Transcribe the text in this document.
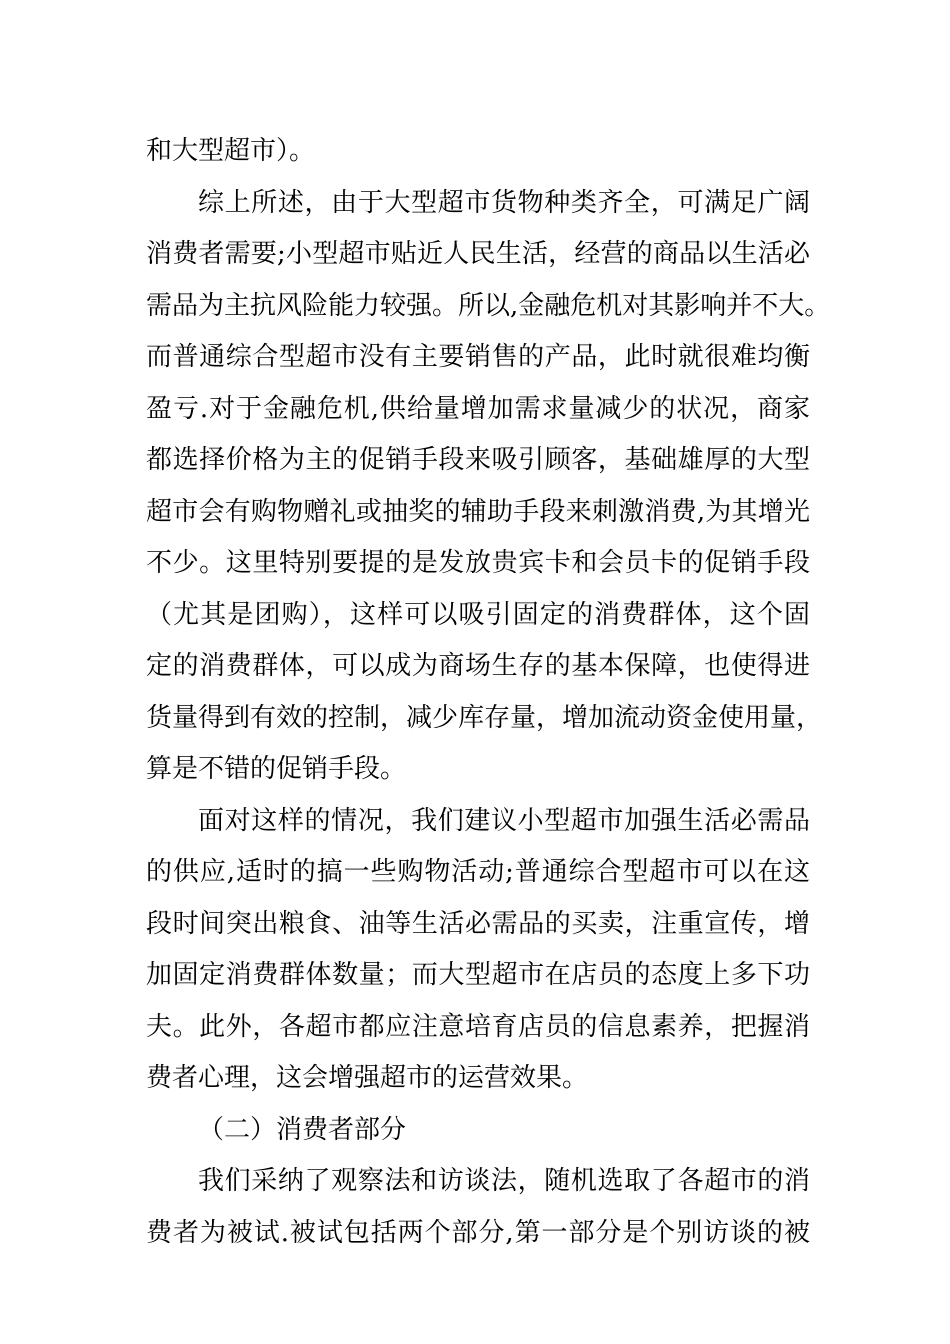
和大型超市）。
综上所述，由于大型超市货物种类齐全，可满足广阔
消费者需要;小型超市贴近人民生活，经营的商品以生活必
需品为主抗风险能力较强。所以,金融危机对其影响并不大。
而普通综合型超市没有主要销售的产品，此时就很难均衡
盈亏.对于金融危机,供给量增加需求量减少的状况，商家
都选择价格为主的促销手段来吸引顾客，基础雄厚的大型
超市会有购物赠礼或抽奖的辅助手段来刺激消费,为其增光
不少。这里特别要提的是发放贵宾卡和会员卡的促销手段
（尤其是团购），这样可以吸引固定的消费群体，这个固
定的消费群体，可以成为商场生存的基本保障，也使得进
货量得到有效的控制，减少库存量，增加流动资金使用量，
算是不错的促销手段。
面对这样的情况，我们建议小型超市加强生活必需品
的供应,适时的搞一些购物活动;普通综合型超市可以在这
段时间突出粮食、油等生活必需品的买卖，注重宣传，增
加固定消费群体数量；而大型超市在店员的态度上多下功
夫。此外，各超市都应注意培育店员的信息素养，把握消
费者心理，这会增强超市的运营效果。
（二）消费者部分
我们采纳了观察法和访谈法，随机选取了各超市的消
费者为被试.被试包括两个部分,第一部分是个别访谈的被
